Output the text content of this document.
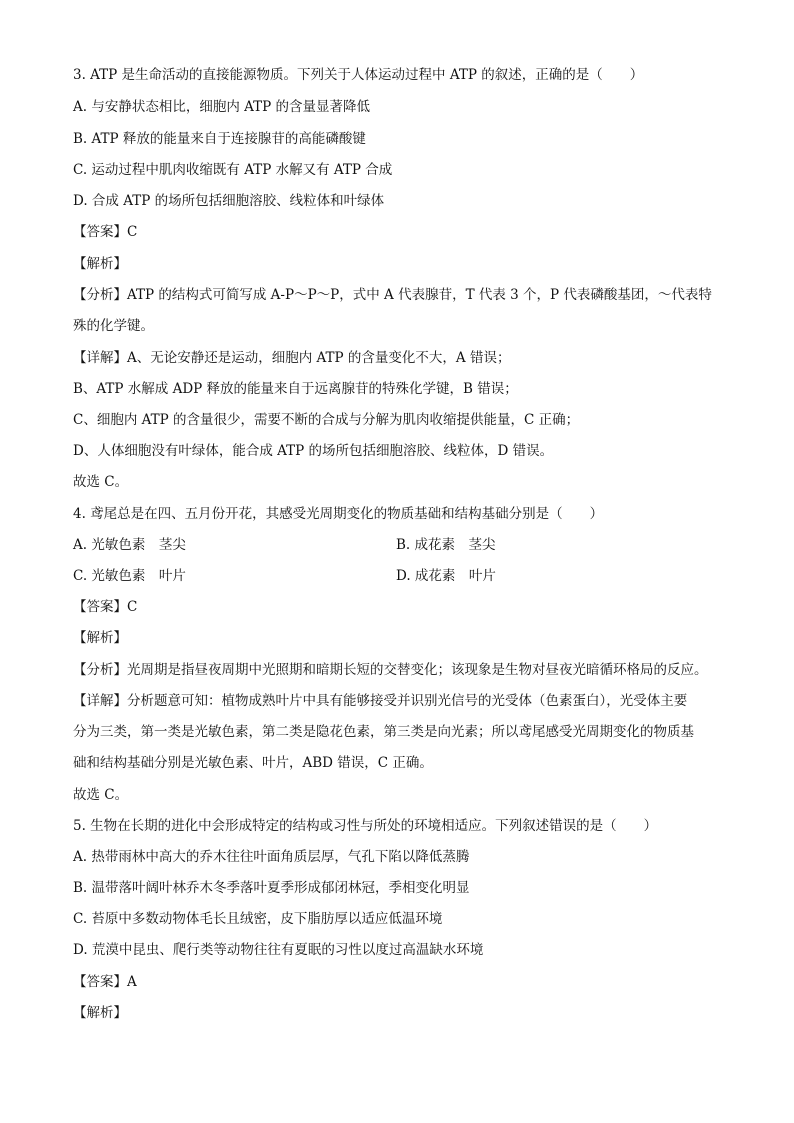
3. ATP 是生命活动的直接能源物质。下列关于人体运动过程中 ATP 的叙述，正确的是（　　）
A. 与安静状态相比，细胞内 ATP 的含量显著降低
B. ATP 释放的能量来自于连接腺苷的高能磷酸键
C. 运动过程中肌肉收缩既有 ATP 水解又有 ATP 合成
D. 合成 ATP 的场所包括细胞溶胶、线粒体和叶绿体
【答案】C
【解析】
【分析】ATP 的结构式可简写成 A-P～P～P，式中 A 代表腺苷，T 代表 3 个，P 代表磷酸基团，～代表特
殊的化学键。
【详解】A、无论安静还是运动，细胞内 ATP 的含量变化不大，A 错误；
B、ATP 水解成 ADP 释放的能量来自于远离腺苷的特殊化学键，B 错误；
C、细胞内 ATP 的含量很少，需要不断的合成与分解为肌肉收缩提供能量，C 正确；
D、人体细胞没有叶绿体，能合成 ATP 的场所包括细胞溶胶、线粒体，D 错误。
故选 C。
4. 鸢尾总是在四、五月份开花，其感受光周期变化的物质基础和结构基础分别是（　　）
A. 光敏色素　茎尖	B. 成花素　茎尖
C. 光敏色素　叶片	D. 成花素　叶片
【答案】C
【解析】
【分析】光周期是指昼夜周期中光照期和暗期长短的交替变化；该现象是生物对昼夜光暗循环格局的反应。
【详解】分析题意可知：植物成熟叶片中具有能够接受并识别光信号的光受体（色素蛋白），光受体主要
分为三类，第一类是光敏色素，第二类是隐花色素，第三类是向光素；所以鸢尾感受光周期变化的物质基
础和结构基础分别是光敏色素、叶片，ABD 错误，C 正确。
故选 C。
5. 生物在长期的进化中会形成特定的结构或习性与所处的环境相适应。下列叙述错误的是（　　）
A. 热带雨林中高大的乔木往往叶面角质层厚，气孔下陷以降低蒸腾
B. 温带落叶阔叶林乔木冬季落叶夏季形成郁闭林冠，季相变化明显
C. 苔原中多数动物体毛长且绒密，皮下脂肪厚以适应低温环境
D. 荒漠中昆虫、爬行类等动物往往有夏眠的习性以度过高温缺水环境
【答案】A
【解析】
